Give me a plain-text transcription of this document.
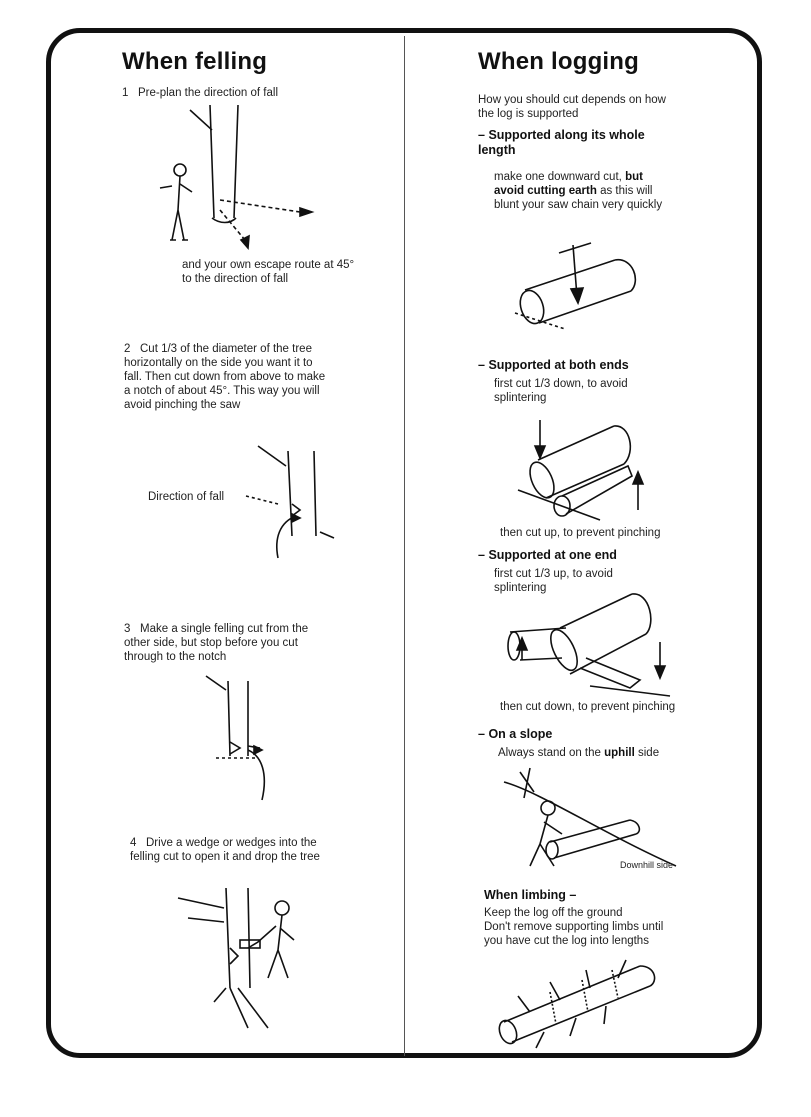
When felling
1 Pre-plan the direction of fall
and your own escape route at 45° to the direction of fall
2 Cut 1/3 of the diameter of the tree horizontally on the side you want it to fall. Then cut down from above to make a notch of about 45°. This way you will avoid pinching the saw
Direction of fall
3 Make a single felling cut from the other side, but stop before you cut through to the notch
4 Drive a wedge or wedges into the felling cut to open it and drop the tree
When logging
How you should cut depends on how the log is supported
– Supported along its whole length
make one downward cut, but avoid cutting earth as this will blunt your saw chain very quickly
– Supported at both ends
first cut 1/3 down, to avoid splintering
then cut up, to prevent pinching
– Supported at one end
first cut 1/3 up, to avoid splintering
then cut down, to prevent pinching
– On a slope
Always stand on the uphill side
Downhill side
When limbing –
Keep the log off the ground
Don't remove supporting limbs until you have cut the log into lengths
